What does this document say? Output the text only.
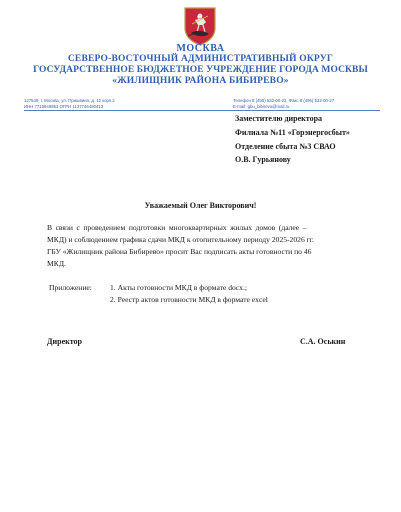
МОСКВА
СЕВЕРО-ВОСТОЧНЫЙ АДМИНИСТРАТИВНЫЙ ОКРУГ
ГОСУДАРСТВЕННОЕ БЮДЖЕТНОЕ УЧРЕЖДЕНИЕ ГОРОДА МОСКВЫ
«ЖИЛИЩНИК РАЙОНА БИБИРЕВО»
127549, г. Москва, ул. Пришвина, д. 12 корп.2
ИНН 7715949853 ОГРН 1137746480413
Телефон 8 (495) 532-00-22, Факс 8 (495) 532-00-27
E-mail: gbu_bibirevo@mail.ru
Заместителю директора
Филиала №11 «Горэнергосбыт»
Отделение сбыта №3 СВАО
О.В. Гурьянову
Уважаемый Олег Викторович!
В связи с проведением подготовки многоквартирных жилых домов (далее –
МКД) и соблюдением графика сдачи МКД к отопительному периоду 2025-2026 гг.
ГБУ «Жилищник района Бибирево» просит Вас подписать акты готовности по 46
МКД.
Приложение: 1. Акты готовности МКД в формате docx.;
2. Реестр актов готовности МКД в формате excel
Директор	С.А. Оськин
